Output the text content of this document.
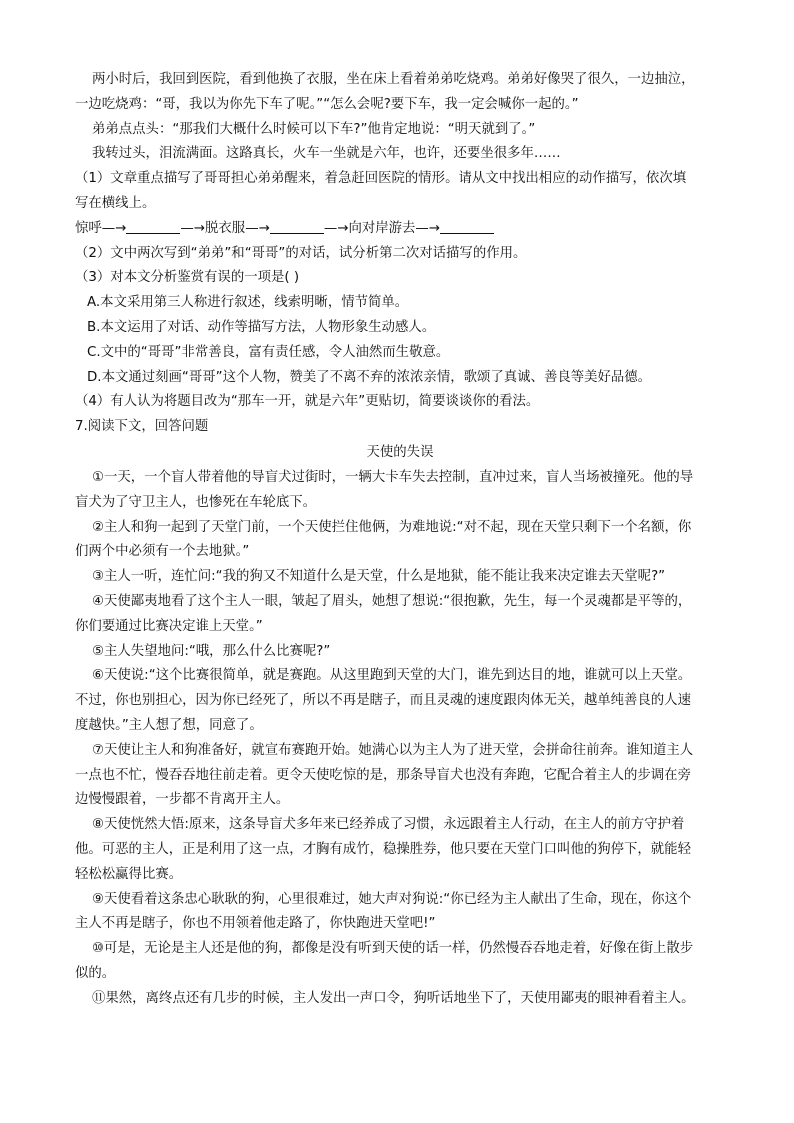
两小时后，我回到医院，看到他换了衣服，坐在床上看着弟弟吃烧鸡。弟弟好像哭了很久，一边抽泣，

一边吃烧鸡：“哥，我以为你先下车了呢。”“怎么会呢?要下车，我一定会喊你一起的。”

弟弟点点头：“那我们大概什么时候可以下车?”他肯定地说：“明天就到了。”

我转过头，泪流满面。这路真长，火车一坐就是六年，也许，还要坐很多年……

（1）文章重点描写了哥哥担心弟弟醒来，着急赶回医院的情形。请从文中找出相应的动作描写，依次填

写在横线上。

惊呼—→	—→脱衣服—→	—→向对岸游去—→

（2）文中两次写到“弟弟”和“哥哥”的对话，试分析第二次对话描写的作用。

（3）对本文分析鉴赏有误的一项是( )

A.本文采用第三人称进行叙述，线索明晰，情节简单。

B.本文运用了对话、动作等描写方法，人物形象生动感人。

C.文中的“哥哥”非常善良，富有责任感，令人油然而生敬意。

D.本文通过刻画“哥哥”这个人物，赞美了不离不弃的浓浓亲情，歌颂了真诚、善良等美好品德。

（4）有人认为将题目改为“那车一开，就是六年”更贴切，简要谈谈你的看法。

7.阅读下文，回答问题

天使的失误

①一天，一个盲人带着他的导盲犬过街时，一辆大卡车失去控制，直冲过来，盲人当场被撞死。他的导

盲犬为了守卫主人，也惨死在车轮底下。

②主人和狗一起到了天堂门前，一个天使拦住他俩，为难地说:“对不起，现在天堂只剩下一个名额，你

们两个中必须有一个去地狱。”

③主人一听，连忙问:“我的狗又不知道什么是天堂，什么是地狱，能不能让我来决定谁去天堂呢?”

④天使鄙夷地看了这个主人一眼，皱起了眉头，她想了想说:“很抱歉，先生，每一个灵魂都是平等的，

你们要通过比赛决定谁上天堂。”

⑤主人失望地问:“哦，那么什么比赛呢?”

⑥天使说:“这个比赛很简单，就是赛跑。从这里跑到天堂的大门，谁先到达目的地，谁就可以上天堂。

不过，你也别担心，因为你已经死了，所以不再是瞎子，而且灵魂的速度跟肉体无关，越单纯善良的人速

度越快。”主人想了想，同意了。

⑦天使让主人和狗准备好，就宣布赛跑开始。她满心以为主人为了进天堂，会拼命往前奔。谁知道主人

一点也不忙，慢吞吞地往前走着。更令天使吃惊的是，那条导盲犬也没有奔跑，它配合着主人的步调在旁

边慢慢跟着，一步都不肯离开主人。

⑧天使恍然大悟:原来，这条导盲犬多年来已经养成了习惯，永远跟着主人行动，在主人的前方守护着

他。可恶的主人，正是利用了这一点，才胸有成竹，稳操胜券，他只要在天堂门口叫他的狗停下，就能轻

轻松松赢得比赛。

⑨天使看着这条忠心耿耿的狗，心里很难过，她大声对狗说:“你已经为主人献出了生命，现在，你这个

主人不再是瞎子，你也不用领着他走路了，你快跑进天堂吧!”

⑩可是，无论是主人还是他的狗，都像是没有听到天使的话一样，仍然慢吞吞地走着，好像在街上散步

似的。

⑪果然，离终点还有几步的时候，主人发出一声口令，狗听话地坐下了，天使用鄙夷的眼神看着主人。
